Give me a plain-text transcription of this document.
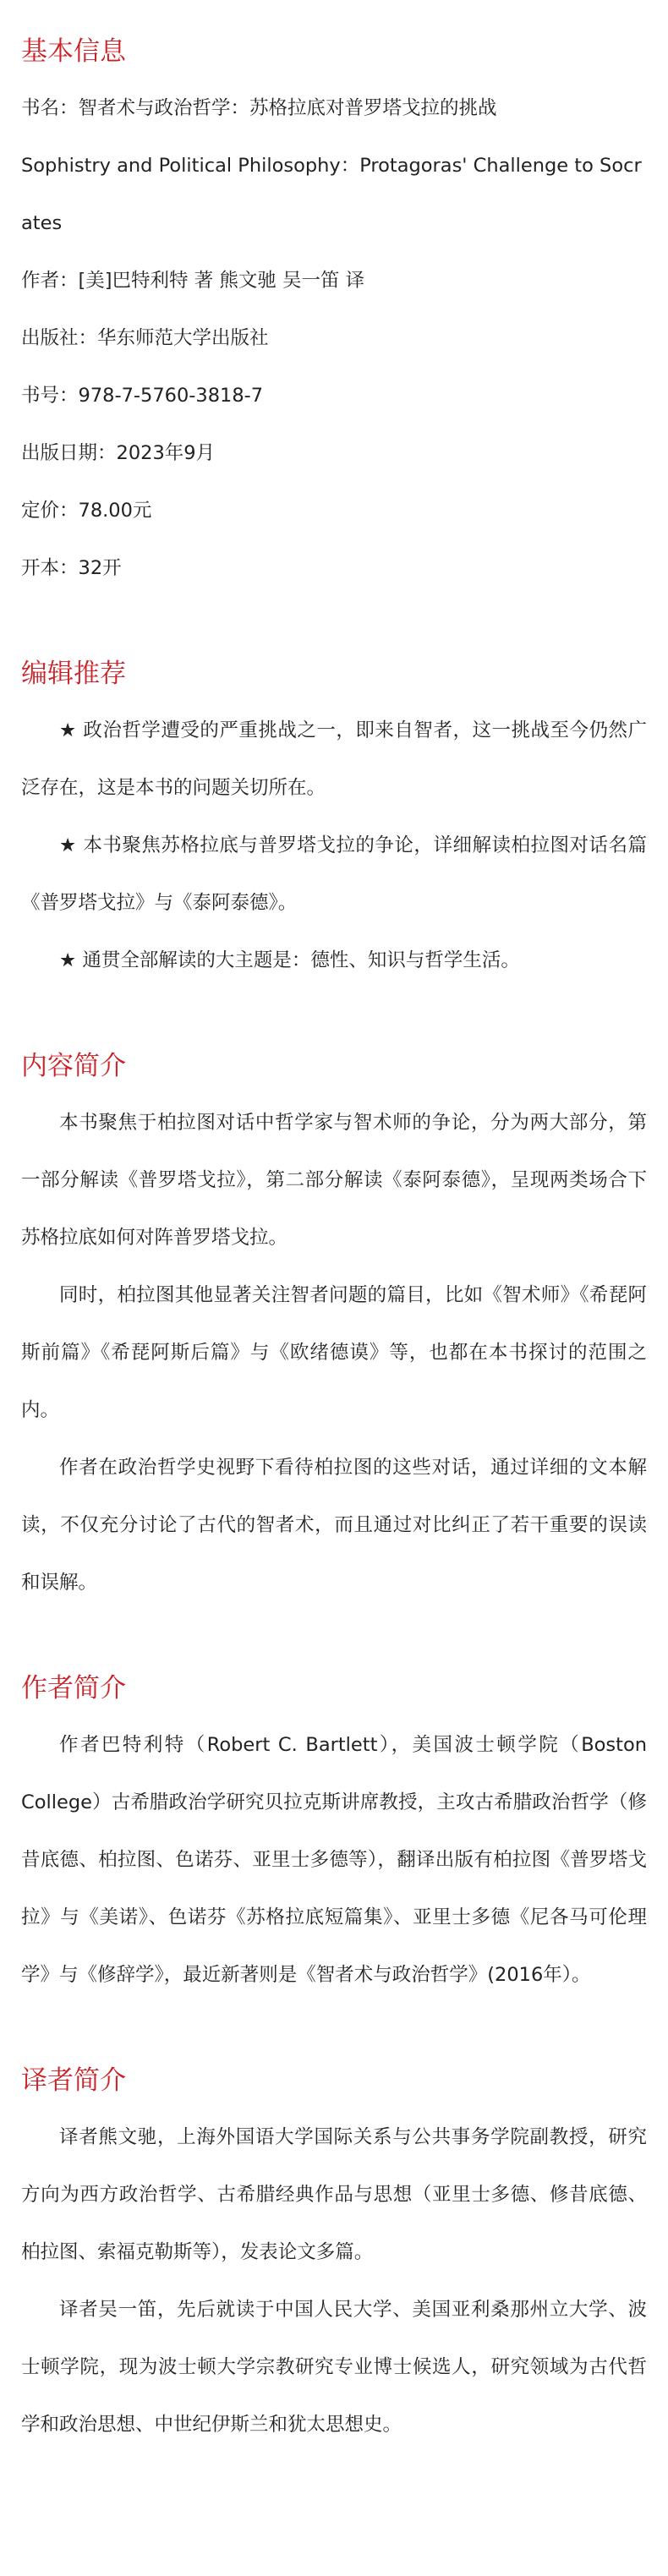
基本信息

书名：智者术与政治哲学：苏格拉底对普罗塔戈拉的挑战

Sophistry and Political Philosophy：Protagoras' Challenge to Socrates

作者：[美]巴特利特 著 熊文驰 吴一笛 译

出版社：华东师范大学出版社

书号：978-7-5760-3818-7

出版日期：2023年9月

定价：78.00元

开本：32开

编辑推荐

★ 政治哲学遭受的严重挑战之一，即来自智者，这一挑战至今仍然广泛存在，这是本书的问题关切所在。

★ 本书聚焦苏格拉底与普罗塔戈拉的争论，详细解读柏拉图对话名篇《普罗塔戈拉》与《泰阿泰德》。

★ 通贯全部解读的大主题是：德性、知识与哲学生活。

内容简介

本书聚焦于柏拉图对话中哲学家与智术师的争论，分为两大部分，第一部分解读《普罗塔戈拉》，第二部分解读《泰阿泰德》，呈现两类场合下苏格拉底如何对阵普罗塔戈拉。

同时，柏拉图其他显著关注智者问题的篇目，比如《智术师》《希琵阿斯前篇》《希琵阿斯后篇》与《欧绪德谟》等，也都在本书探讨的范围之内。

作者在政治哲学史视野下看待柏拉图的这些对话，通过详细的文本解读，不仅充分讨论了古代的智者术，而且通过对比纠正了若干重要的误读和误解。

作者简介

作者巴特利特（Robert C. Bartlett），美国波士顿学院（Boston College）古希腊政治学研究贝拉克斯讲席教授，主攻古希腊政治哲学（修昔底德、柏拉图、色诺芬、亚里士多德等），翻译出版有柏拉图《普罗塔戈拉》与《美诺》、色诺芬《苏格拉底短篇集》、亚里士多德《尼各马可伦理学》与《修辞学》，最近新著则是《智者术与政治哲学》(2016年）。

译者简介

译者熊文驰，上海外国语大学国际关系与公共事务学院副教授，研究方向为西方政治哲学、古希腊经典作品与思想（亚里士多德、修昔底德、柏拉图、索福克勒斯等），发表论文多篇。

译者吴一笛，先后就读于中国人民大学、美国亚利桑那州立大学、波士顿学院，现为波士顿大学宗教研究专业博士候选人，研究领域为古代哲学和政治思想、中世纪伊斯兰和犹太思想史。
